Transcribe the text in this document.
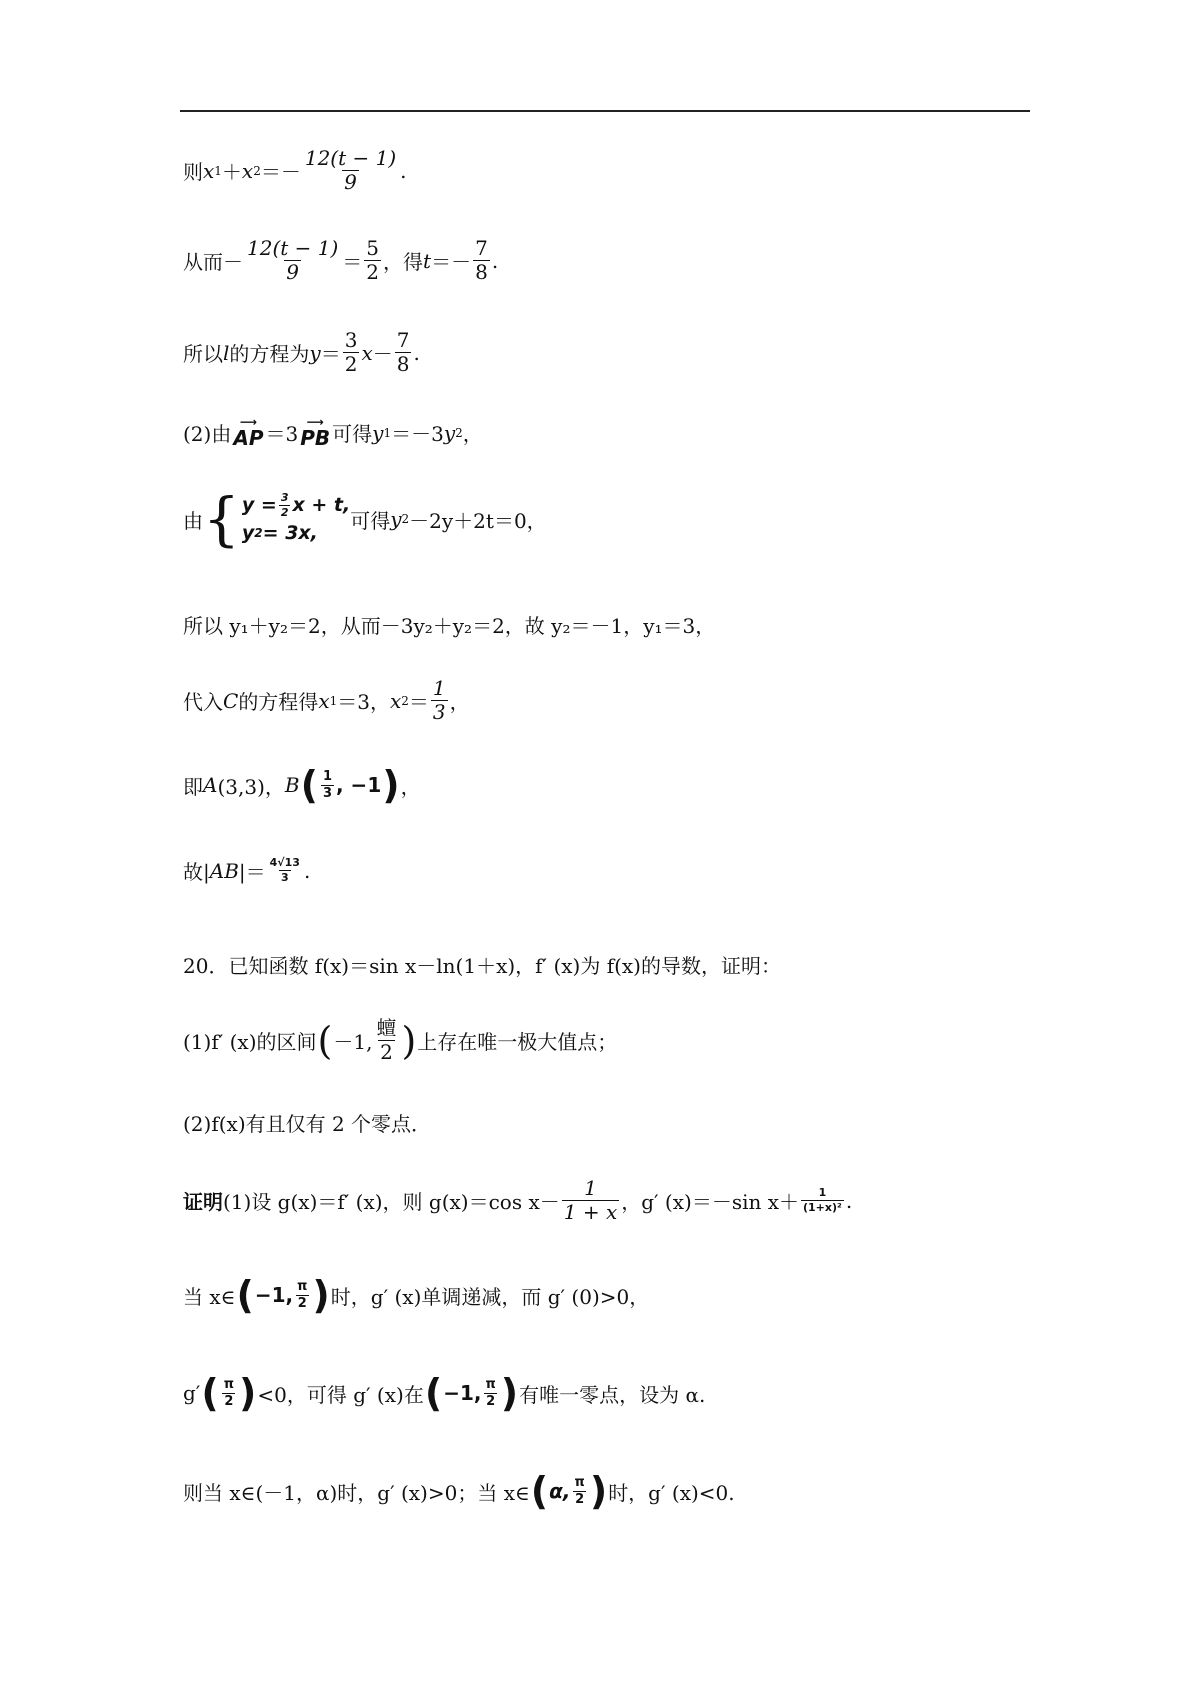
则 x 1 ＋ x $2 =- \frac{12(t - 1)}{9}$ .
从而－ $\frac{12(t - 1)}{9} = \frac{5}{2}$ ，得 $t =- \frac{7}{8}$ .
所以 l 的方程为 $y = \frac{3}{2}$ $x - \frac{7}{8}$ .
(2)由
⟶
AP ＝3
⟶
PB 可得 y 1 ＝－3 y 2 ，
由 { $y = \frac{3}{2}$ x + t,
y 2 = 3x,
可得 y 2 －2y＋2t＝0，
所以 y₁＋y₂＝2，从而－3y₂＋y₂＝2，故 y₂＝－1，y₁＝3，
代入 C 的方程得 x 1 ＝3， x $2 = \frac{1}{3}$ ，
即 A (3,3)， B ( $\frac{1}{3}$ , −1 ) ，
故| AB |＝ $\frac{4√13}{3}$ .
20．已知函数 f(x)＝sin x－ln(1＋x)，f′ (x)为 f(x)的导数，证明：
(1)f′ (x)的区间 ( －1, $\frac{\text{蟺}}{2}$ ) 上存在唯一极大值点；
(2)f(x)有且仅有 2 个零点．
证明 (1)设 g(x)＝f′ (x)，则 g(x)＝cos $x- \frac{1}{1 + x}$ ，g′ (x)＝－sin $x+ \frac{1}{\text{(1+x)²}}$ .
当 x∈ ( −1, $\frac{\pi}{2}$ ) 时，g′ (x)单调递减，而 g′ (0)>0，
g′ ( $\frac{\pi}{2}$ ) <0，可得 g′ (x)在 ( −1, $\frac{\pi}{2}$ ) 有唯一零点，设为 α.
则当 x∈(－1，α)时，g′ (x)>0；当 x∈ ( α, $\frac{\pi}{2}$ ) 时，g′ (x)<0.
